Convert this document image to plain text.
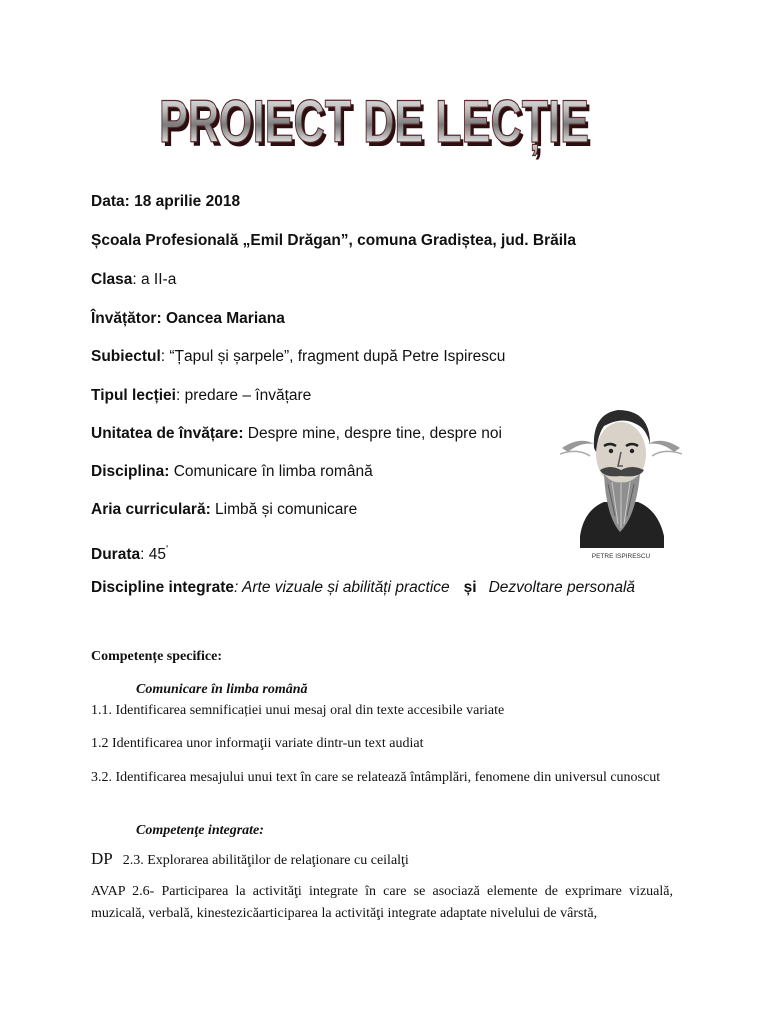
PROIECT DE LECȚIE
PROIECT DE LECȚIE
Data: 18 aprilie 2018
Școala Profesională „Emil Drăgan”, comuna Gradiștea, jud. Brăila
Clasa: a II-a
Învățător: Oancea Mariana
Subiectul: “Țapul și șarpele”, fragment după Petre Ispirescu
Tipul lecției: predare – învățare
Unitatea de învățare: Despre mine, despre tine, despre noi
Disciplina: Comunicare în limba română
Aria curriculară: Limbă și comunicare
Durata: $45^ʹ$
Discipline integrate: Arte vizuale și abilități practice și Dezvoltare personală
PETRE ISPIRESCU
Competențe specifice:
Comunicare în limba română
1.1. Identificarea semnificației unui mesaj oral din texte accesibile variate
1.2 Identificarea unor informaţii variate dintr-un text audiat
3.2. Identificarea mesajului unui text în care se relatează întâmplări, fenomene din universul cunoscut
Competenţe integrate:
DP 2.3. Explorarea abilităţilor de relaţionare cu ceilalţi
AVAP 2.6- Participarea la activităţi integrate în care se asociază elemente de exprimare vizuală, muzicală, verbală, kinestezicăarticiparea la activităţi integrate adaptate nivelului de vârstă,
